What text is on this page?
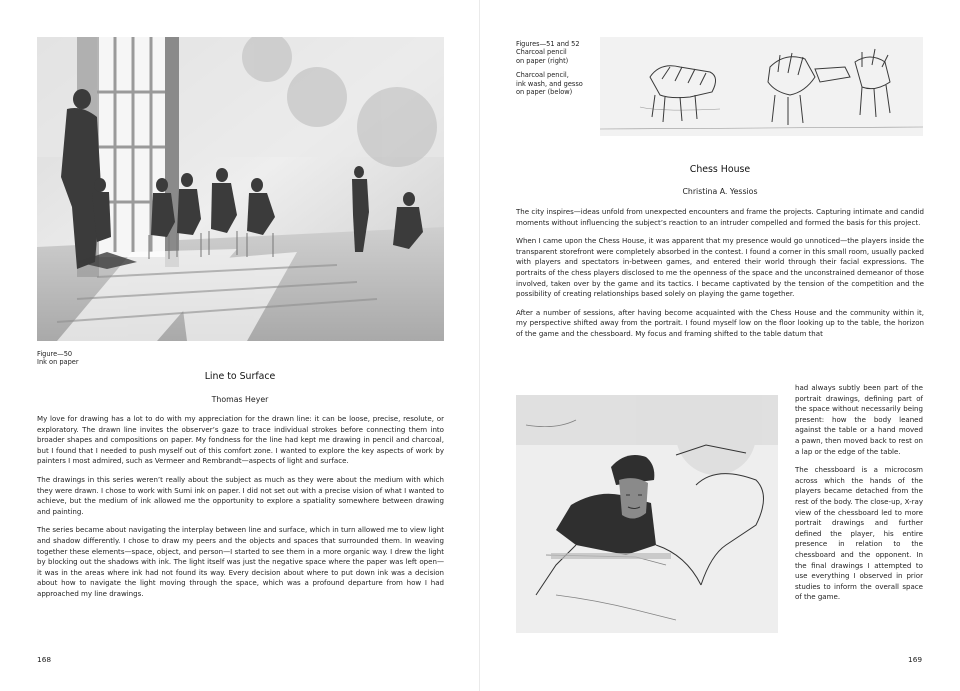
Figure—50
Ink on paper
Line to Surface
Thomas Heyer

My love for drawing has a lot to do with my appreciation for the drawn line: it can be loose, precise, resolute, or exploratory. The drawn line invites the observer’s gaze to trace individual strokes before connecting them into broader shapes and compositions on paper. My fondness for the line had kept me drawing in pencil and charcoal, but I found that I needed to push myself out of this comfort zone. I wanted to explore the key aspects of work by painters I most admired, such as Vermeer and Rembrandt—aspects of light and surface.

The drawings in this series weren’t really about the subject as much as they were about the medium with which they were drawn. I chose to work with Sumi ink on paper. I did not set out with a precise vision of what I wanted to achieve, but the medium of ink allowed me the opportunity to explore a spatiality somewhere between drawing and painting.

The series became about navigating the interplay between line and surface, which in turn allowed me to view light and shadow differently. I chose to draw my peers and the objects and spaces that surrounded them. In weaving together these elements—space, object, and person—I started to see them in a more organic way. I drew the light by blocking out the shadows with ink. The light itself was just the negative space where the paper was left open—it was in the areas where ink had not found its way. Every decision about where to put down ink was a decision about how to navigate the light moving through the space, which was a profound departure from how I had approached my line drawings.

168
Figures—51 and 52
Charcoal pencil
on paper (right)
Charcoal pencil,
ink wash, and gesso
on paper (below)
Chess House
Christina A. Yessios

The city inspires—ideas unfold from unexpected encounters and frame the projects. Capturing intimate and candid moments without influencing the subject’s reaction to an intruder compelled and formed the basis for this project.

When I came upon the Chess House, it was apparent that my presence would go unnoticed—the players inside the transparent storefront were completely absorbed in the contest. I found a corner in this small room, usually packed with players and spectators in-between games, and entered their world through their facial expressions. The portraits of the chess players disclosed to me the openness of the space and the unconstrained demeanor of those involved, taken over by the game and its tactics. I became captivated by the tension of the competition and the possibility of creating relationships based solely on playing the game together.

After a number of sessions, after having become acquainted with the Chess House and the community within it, my perspective shifted away from the portrait. I found myself low on the floor looking up to the table, the horizon of the game and the chessboard. My focus and framing shifted to the table datum that

had always subtly been part of the portrait drawings, defining part of the space without necessarily being present: how the body leaned against the table or a hand moved a pawn, then moved back to rest on a lap or the edge of the table.

The chessboard is a microcosm across which the hands of the players became detached from the rest of the body. The close-up, X-ray view of the chessboard led to more portrait drawings and further defined the player, his entire presence in relation to the chessboard and the opponent. In the final drawings I attempted to use everything I observed in prior studies to inform the overall space of the game.

169
